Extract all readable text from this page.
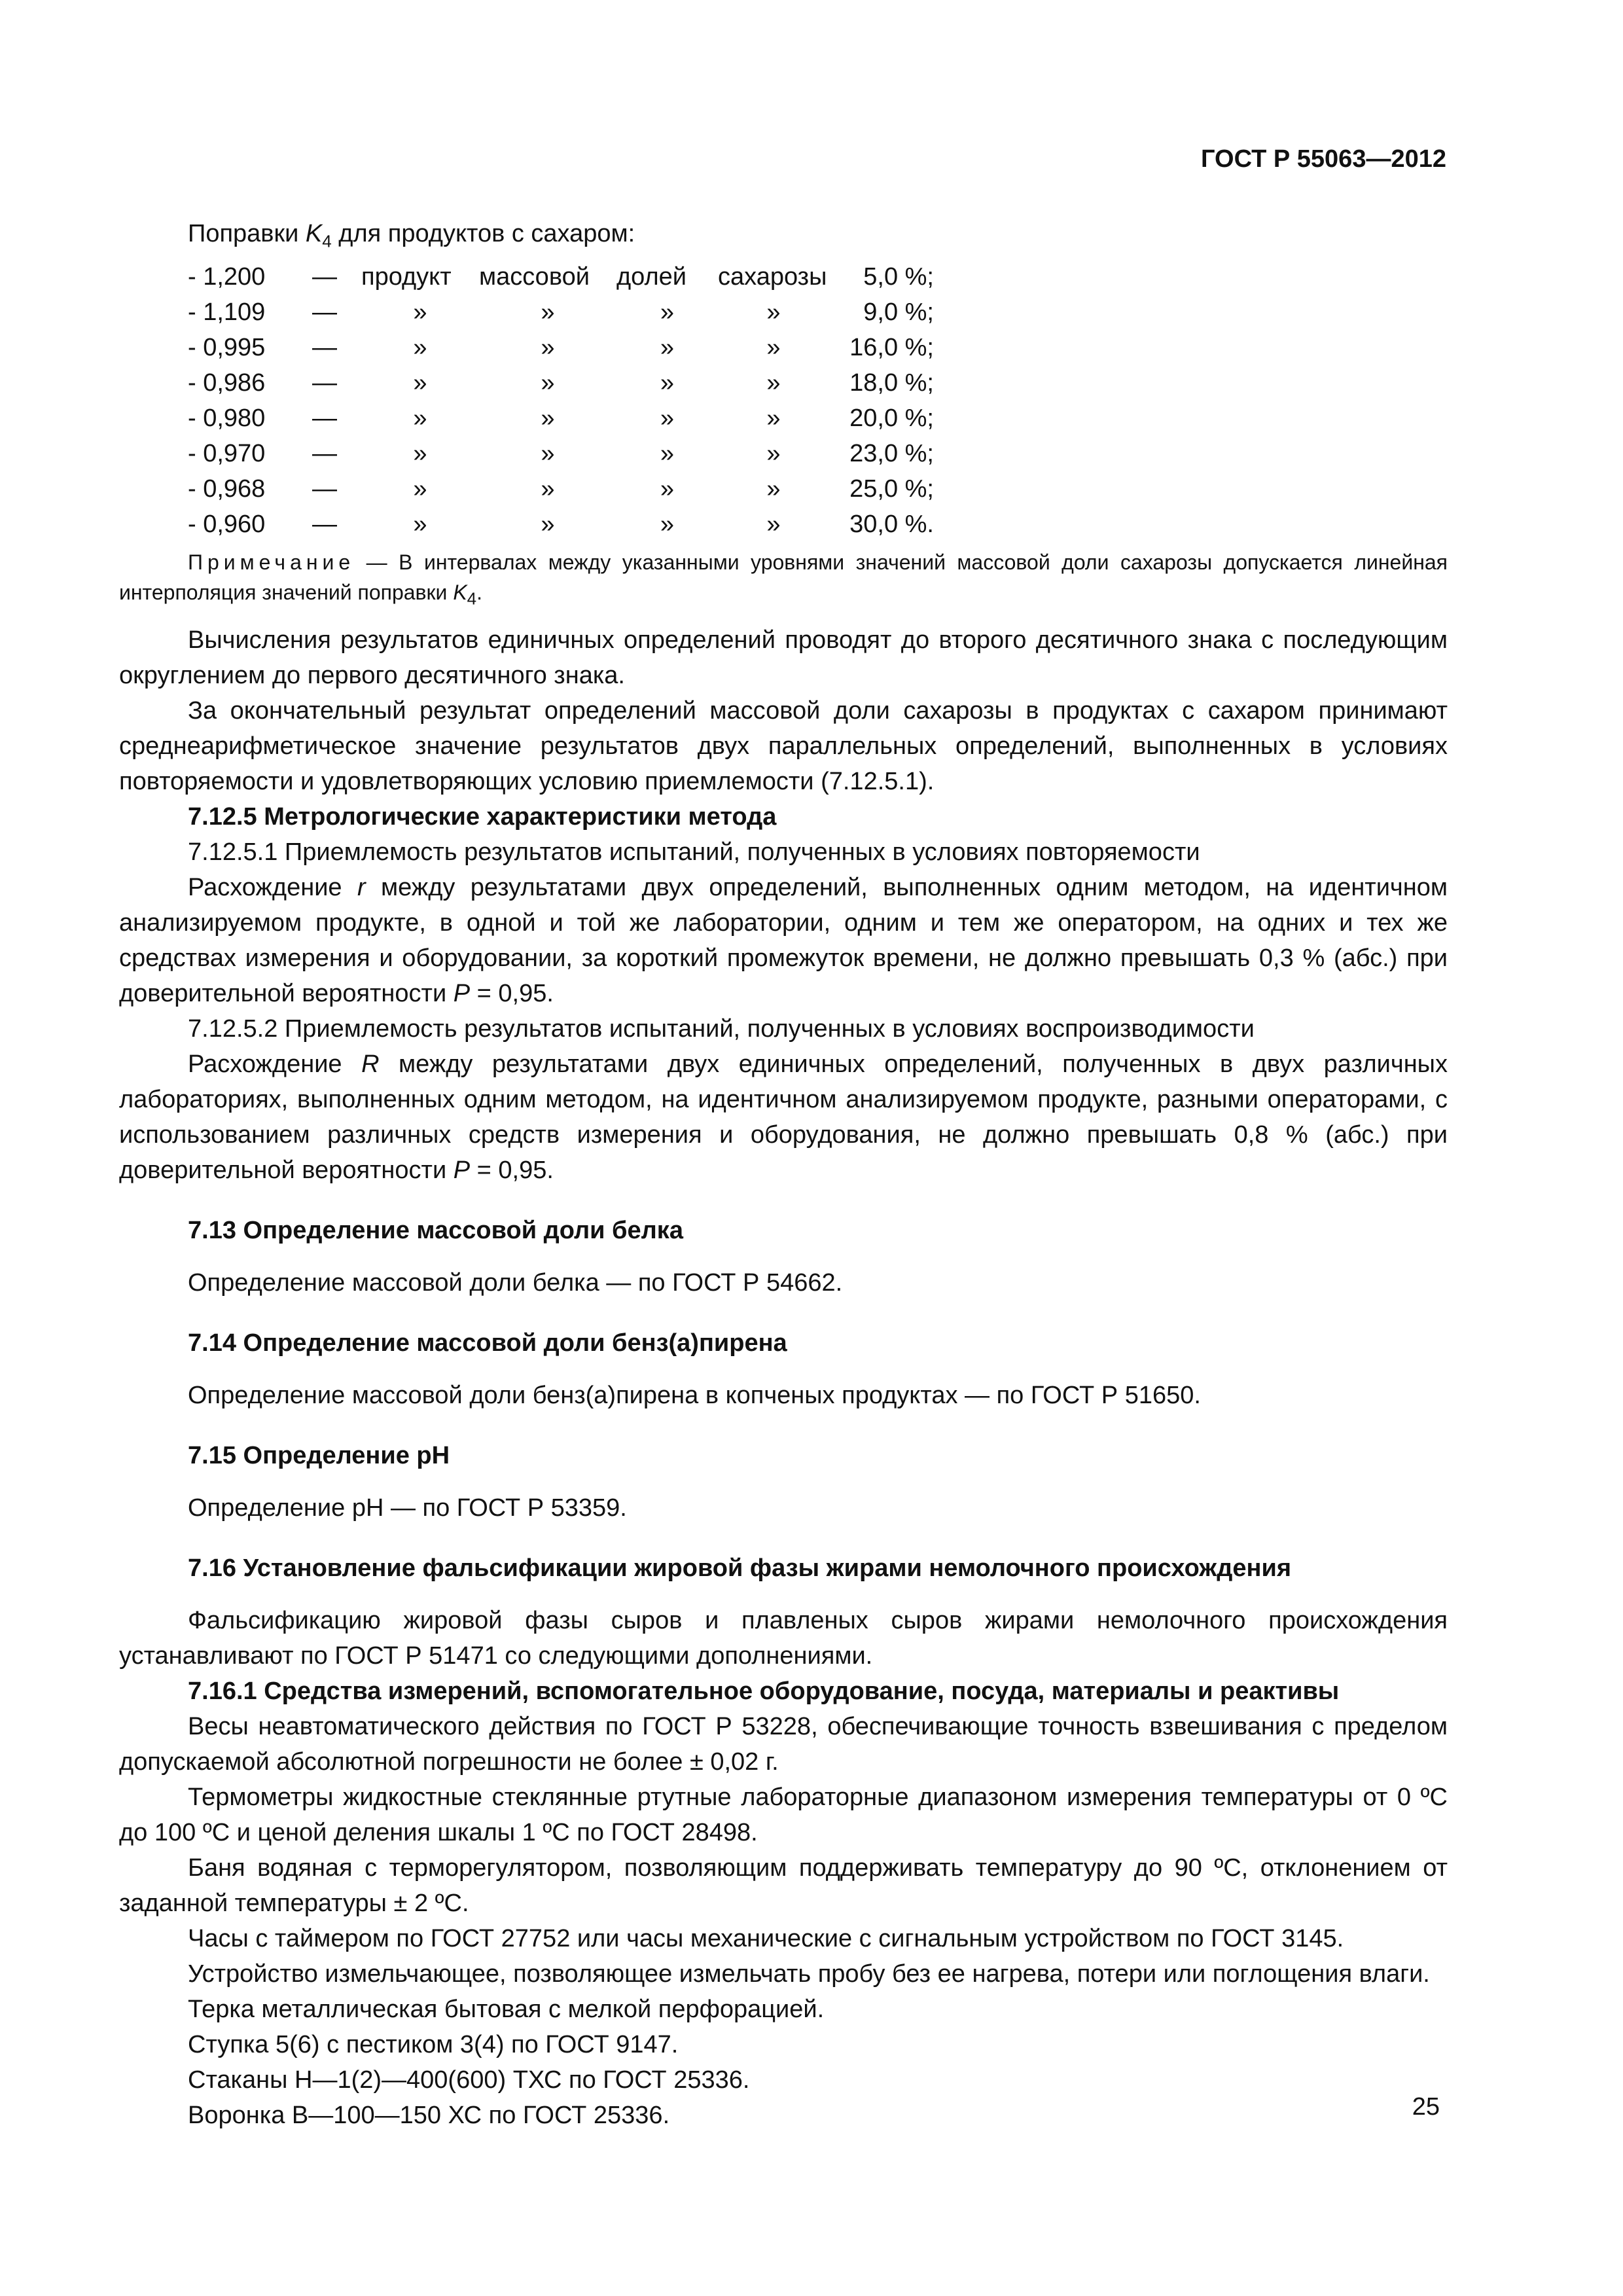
ГОСТ Р 55063—2012

Поправки $K_4$ для продуктов с сахаром:

- 1,200	—	продукт	массовой	долей	сахарозы	5,0 %;
- 1,109	—	»	»	»	»	9,0 %;
- 0,995	—	»	»	»	»	16,0 %;
- 0,986	—	»	»	»	»	18,0 %;
- 0,980	—	»	»	»	»	20,0 %;
- 0,970	—	»	»	»	»	23,0 %;
- 0,968	—	»	»	»	»	25,0 %;
- 0,960	—	»	»	»	»	30,0 %.

Примечание — В интервалах между указанными уровнями значений массовой доли сахарозы допускается линейная интерполяция значений поправки $K_4$.

Вычисления результатов единичных определений проводят до второго десятичного знака с последующим округлением до первого десятичного знака.

За окончательный результат определений массовой доли сахарозы в продуктах с сахаром принимают среднеарифметическое значение результатов двух параллельных определений, выполненных в условиях повторяемости и удовлетворяющих условию приемлемости (7.12.5.1).

7.12.5 Метрологические характеристики метода

7.12.5.1 Приемлемость результатов испытаний, полученных в условиях повторяемости

Расхождение r между результатами двух определений, выполненных одним методом, на идентичном анализируемом продукте, в одной и той же лаборатории, одним и тем же оператором, на одних и тех же средствах измерения и оборудовании, за короткий промежуток времени, не должно превышать 0,3 % (абс.) при доверительной вероятности P = 0,95.

7.12.5.2 Приемлемость результатов испытаний, полученных в условиях воспроизводимости

Расхождение R между результатами двух единичных определений, полученных в двух различных лабораториях, выполненных одним методом, на идентичном анализируемом продукте, разными операторами, с использованием различных средств измерения и оборудования, не должно превышать 0,8 % (абс.) при доверительной вероятности P = 0,95.

7.13 Определение массовой доли белка

Определение массовой доли белка — по ГОСТ Р 54662.

7.14 Определение массовой доли бенз(а)пирена

Определение массовой доли бенз(а)пирена в копченых продуктах — по ГОСТ Р 51650.

7.15 Определение pH

Определение pH — по ГОСТ Р 53359.

7.16 Установление фальсификации жировой фазы жирами немолочного происхождения

Фальсификацию жировой фазы сыров и плавленых сыров жирами немолочного происхождения устанавливают по ГОСТ Р 51471 со следующими дополнениями.

7.16.1 Средства измерений, вспомогательное оборудование, посуда, материалы и реактивы

Весы неавтоматического действия по ГОСТ Р 53228, обеспечивающие точность взвешивания с пределом допускаемой абсолютной погрешности не более ± 0,02 г.

Термометры жидкостные стеклянные ртутные лабораторные диапазоном измерения температуры от 0 ºС до 100 ºС и ценой деления шкалы 1 ºС по ГОСТ 28498.

Баня водяная с терморегулятором, позволяющим поддерживать температуру до 90 ºС, отклонением от заданной температуры ± 2 ºС.

Часы с таймером по ГОСТ 27752 или часы механические с сигнальным устройством по ГОСТ 3145.

Устройство измельчающее, позволяющее измельчать пробу без ее нагрева, потери или поглощения влаги.

Терка металлическая бытовая с мелкой перфорацией.

Ступка 5(6) с пестиком 3(4) по ГОСТ 9147.

Стаканы Н—1(2)—400(600) ТХС по ГОСТ 25336.

Воронка В—100—150 ХС по ГОСТ 25336.	25
